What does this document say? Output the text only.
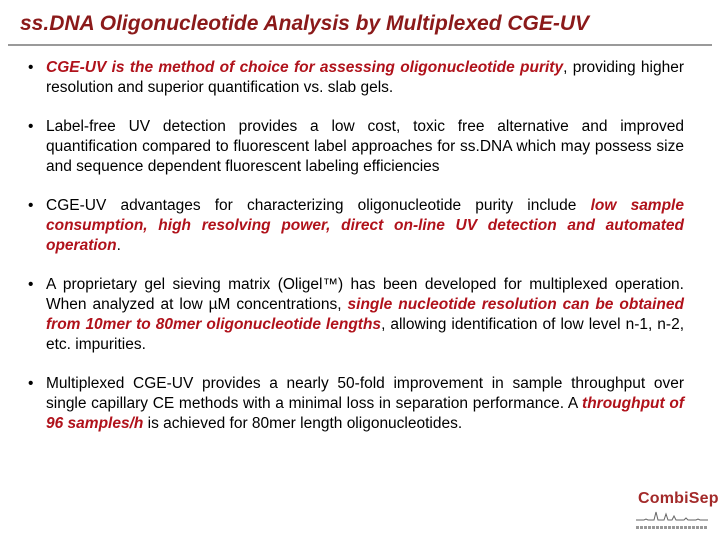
ss.DNA Oligonucleotide Analysis by Multiplexed CGE-UV
• CGE-UV is the method of choice for assessing oligonucleotide purity, providing higher resolution and superior quantification vs. slab gels.
• Label-free UV detection provides a low cost, toxic free alternative and improved quantification compared to fluorescent label approaches for ss.DNA which may possess size and sequence dependent fluorescent labeling efficiencies
• CGE-UV advantages for characterizing oligonucleotide purity include low sample consumption, high resolving power, direct on-line UV detection and automated operation.
• A proprietary gel sieving matrix (Oligel™) has been developed for multiplexed operation. When analyzed at low µM concentrations, single nucleotide resolution can be obtained from 10mer to 80mer oligonucleotide lengths, allowing identification of low level n-1, n-2, etc. impurities.
• Multiplexed CGE-UV provides a nearly 50-fold improvement in sample throughput over single capillary CE methods with a minimal loss in separation performance. A throughput of 96 samples/h is achieved for 80mer length oligonucleotides.
CombiSep
